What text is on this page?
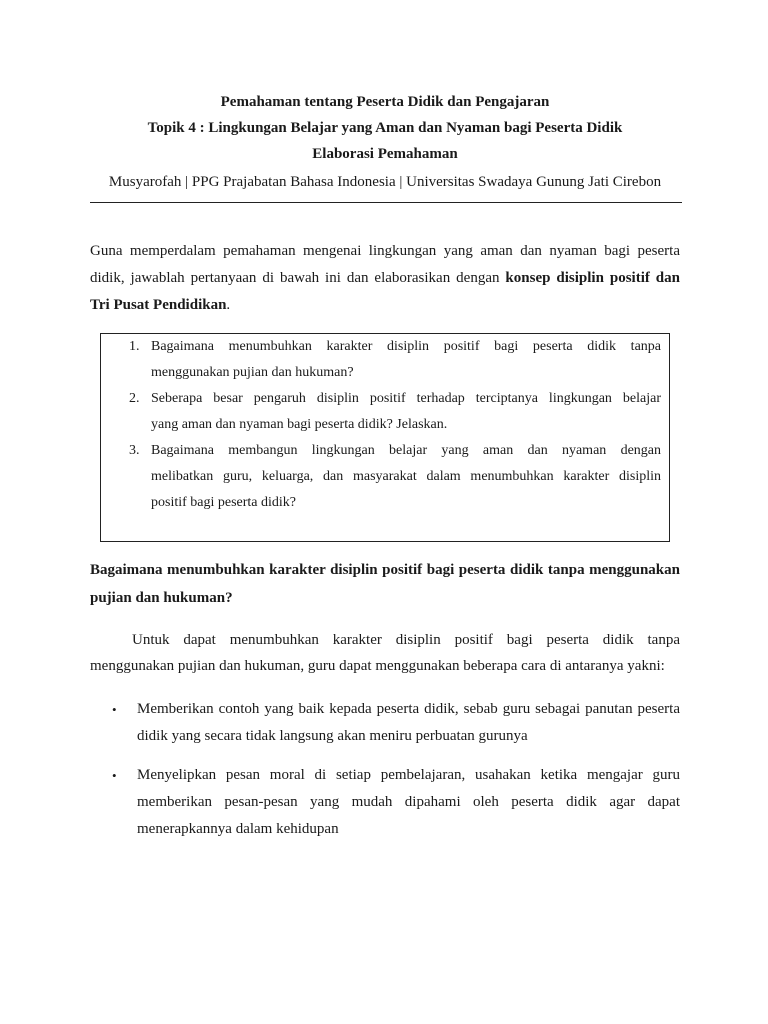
Pemahaman tentang Peserta Didik dan Pengajaran
Topik 4 : Lingkungan Belajar yang Aman dan Nyaman bagi Peserta Didik
Elaborasi Pemahaman
Musyarofah | PPG Prajabatan Bahasa Indonesia | Universitas Swadaya Gunung Jati Cirebon
Guna memperdalam pemahaman mengenai lingkungan yang aman dan nyaman bagi peserta
didik, jawablah pertanyaan di bawah ini dan elaborasikan dengan konsep disiplin positif dan
Tri Pusat Pendidikan.
1. Bagaimana menumbuhkan karakter disiplin positif bagi peserta didik tanpa
menggunakan pujian dan hukuman?
2. Seberapa besar pengaruh disiplin positif terhadap terciptanya lingkungan belajar
yang aman dan nyaman bagi peserta didik? Jelaskan.
3. Bagaimana membangun lingkungan belajar yang aman dan nyaman dengan
melibatkan guru, keluarga, dan masyarakat dalam menumbuhkan karakter disiplin
positif bagi peserta didik?
Bagaimana menumbuhkan karakter disiplin positif bagi peserta didik tanpa menggunakan
pujian dan hukuman?
Untuk dapat menumbuhkan karakter disiplin positif bagi peserta didik tanpa
menggunakan pujian dan hukuman, guru dapat menggunakan beberapa cara di antaranya yakni:
• Memberikan contoh yang baik kepada peserta didik, sebab guru sebagai panutan peserta
didik yang secara tidak langsung akan meniru perbuatan gurunya
• Menyelipkan pesan moral di setiap pembelajaran, usahakan ketika mengajar guru
memberikan pesan-pesan yang mudah dipahami oleh peserta didik agar dapat
menerapkannya dalam kehidupan
